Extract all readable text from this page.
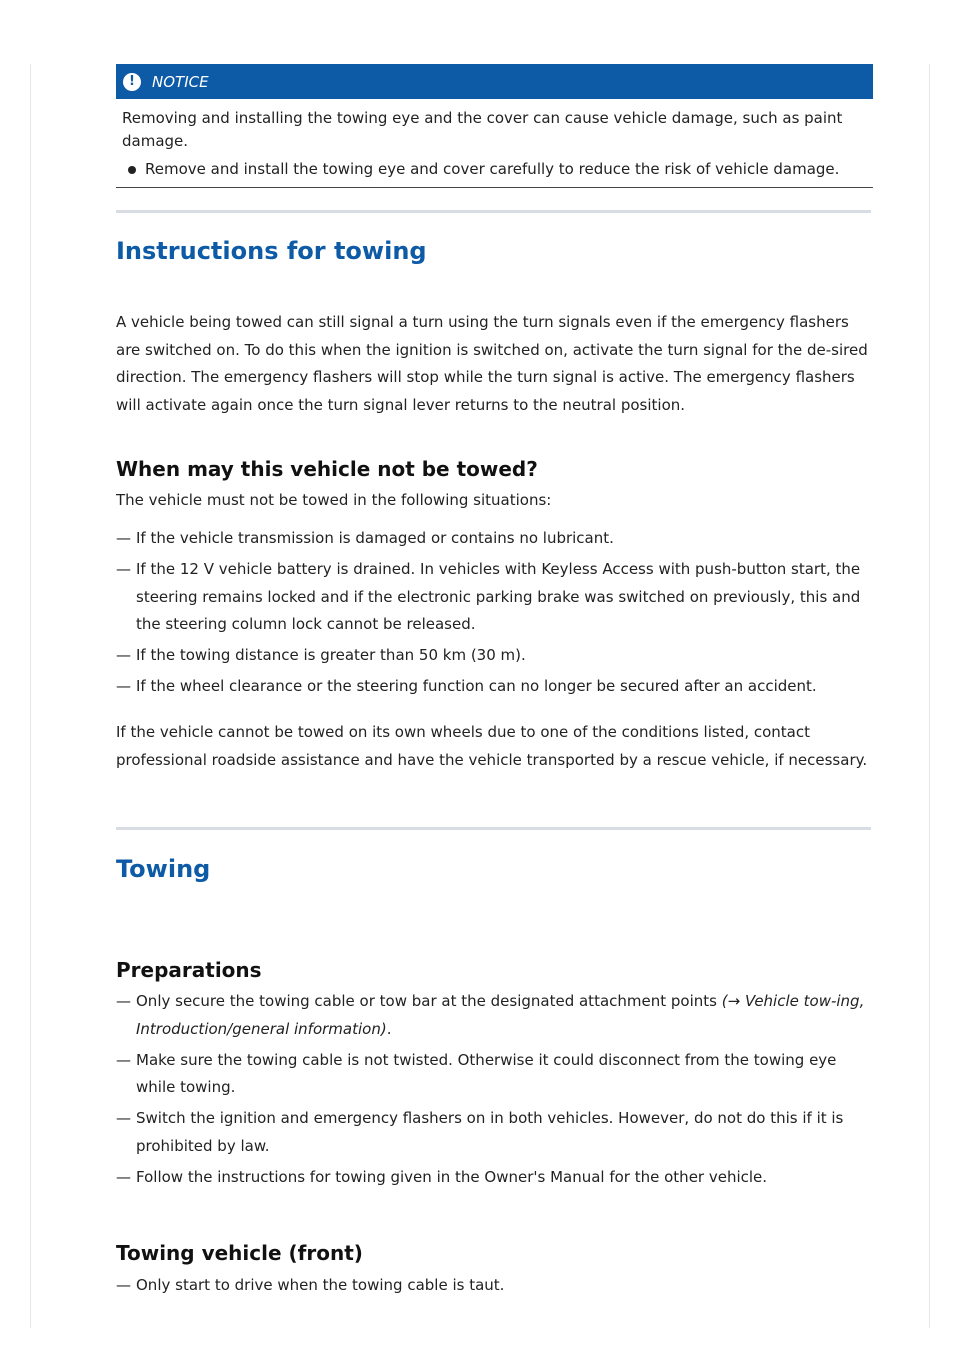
!	NOTICE

Removing and installing the towing eye and the cover can cause vehicle damage, such as paint damage.

Remove and install the towing eye and cover carefully to reduce the risk of vehicle damage.

Instructions for towing

A vehicle being towed can still signal a turn using the turn signals even if the emergency flashers are switched on. To do this when the ignition is switched on, activate the turn signal for the de-sired direction. The emergency flashers will stop while the turn signal is active. The emergency flashers will activate again once the turn signal lever returns to the neutral position.

When may this vehicle not be towed?

The vehicle must not be towed in the following situations:

— If the vehicle transmission is damaged or contains no lubricant.
— If the 12 V vehicle battery is drained. In vehicles with Keyless Access with push-button start, the steering remains locked and if the electronic parking brake was switched on previously, this and the steering column lock cannot be released.
— If the towing distance is greater than 50 km (30 m).
— If the wheel clearance or the steering function can no longer be secured after an accident.

If the vehicle cannot be towed on its own wheels due to one of the conditions listed, contact professional roadside assistance and have the vehicle transported by a rescue vehicle, if necessary.

Towing
Preparations
— Only secure the towing cable or tow bar at the designated attachment points (→ Vehicle tow-ing, Introduction/general information).
— Make sure the towing cable is not twisted. Otherwise it could disconnect from the towing eye while towing.
— Switch the ignition and emergency flashers on in both vehicles. However, do not do this if it is prohibited by law.
— Follow the instructions for towing given in the Owner's Manual for the other vehicle.
Towing vehicle (front)
— Only start to drive when the towing cable is taut.
